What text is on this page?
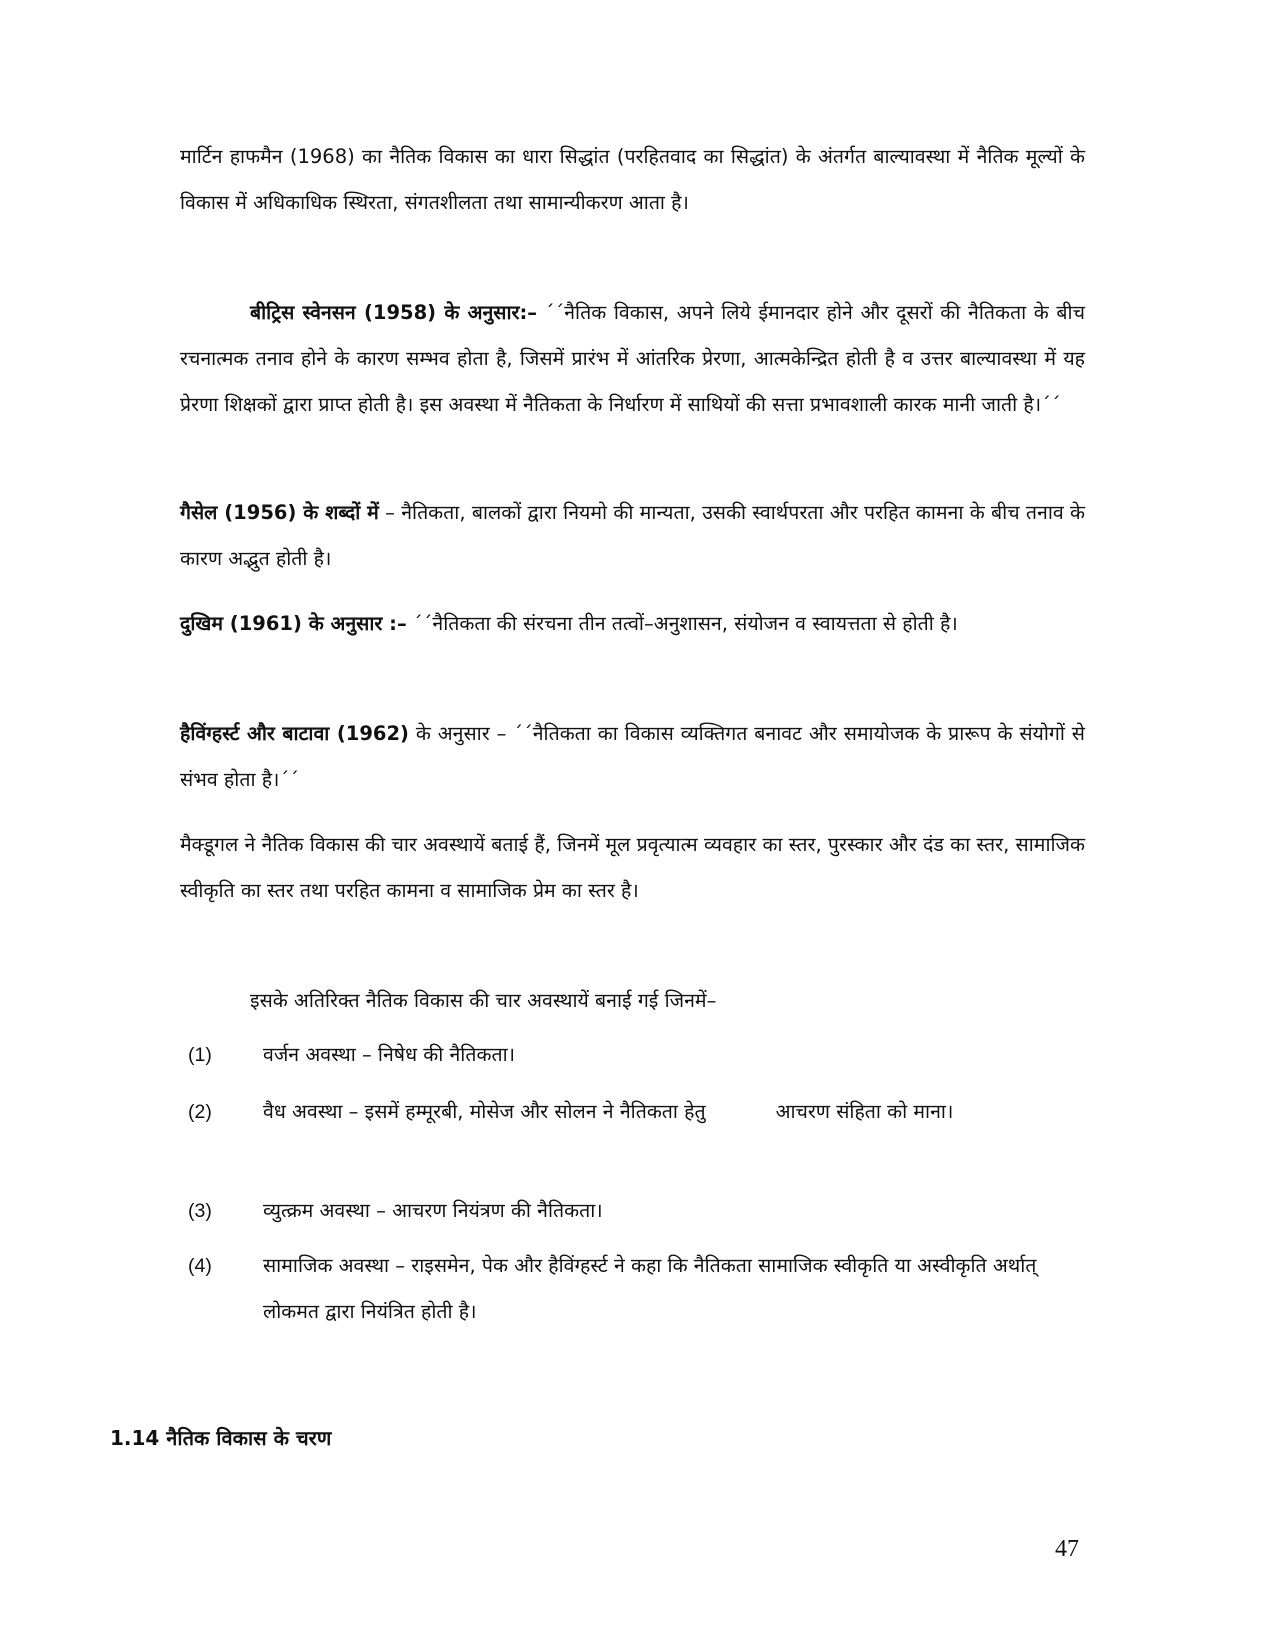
मार्टिन हाफमैन (1968) का नैतिक विकास का धारा सिद्धांत (परहितवाद का सिद्धांत) के अंतर्गत बाल्यावस्था में नैतिक मूल्यों के विकास में अधिकाधिक स्थिरता, संगतशीलता तथा सामान्यीकरण आता है।

बीट्रिस स्वेनसन (1958) के अनुसार:– ´´नैतिक विकास, अपने लिये ईमानदार होने और दूसरों की नैतिकता के बीच रचनात्मक तनाव होने के कारण सम्भव होता है, जिसमें प्रारंभ में आंतरिक प्रेरणा, आत्मकेन्द्रित होती है व उत्तर बाल्यावस्था में यह प्रेरणा शिक्षकों द्वारा प्राप्त होती है। इस अवस्था में नैतिकता के निर्धारण में साथियों की सत्ता प्रभावशाली कारक मानी जाती है।´´

गैसेल (1956) के शब्दों में – नैतिकता, बालकों द्वारा नियमो की मान्यता, उसकी स्वार्थपरता और परहित कामना के बीच तनाव के कारण अद्भुत होती है।

दुखिम (1961) के अनुसार :– ´´नैतिकता की संरचना तीन तत्वों–अनुशासन, संयोजन व स्वायत्तता से होती है।

हैविंग्हर्स्ट और बाटावा (1962) के अनुसार – ´´नैतिकता का विकास व्यक्तिगत बनावट और समायोजक के प्रारूप के संयोगों से संभव होता है।´´

मैक्डूगल ने नैतिक विकास की चार अवस्थायें बताई हैं, जिनमें मूल प्रवृत्यात्म व्यवहार का स्तर, पुरस्कार और दंड का स्तर, सामाजिक स्वीकृति का स्तर तथा परहित कामना व सामाजिक प्रेम का स्तर है।

इसके अतिरिक्त नैतिक विकास की चार अवस्थायें बनाई गई जिनमें–

(1)	वर्जन अवस्था – निषेध की नैतिकता।

(2)	वैध अवस्था – इसमें हम्मूरबी, मोसेज और सोलन ने नैतिकता हेतु	आचरण संहिता को माना।

(3)	व्युत्क्रम अवस्था – आचरण नियंत्रण की नैतिकता।

(4)	सामाजिक अवस्था – राइसमेन, पेक और हैविंग्हर्स्ट ने कहा कि नैतिकता सामाजिक स्वीकृति या अस्वीकृति अर्थात् लोकमत द्वारा नियंत्रित होती है।

1.14 नैतिक विकास के चरण
47
